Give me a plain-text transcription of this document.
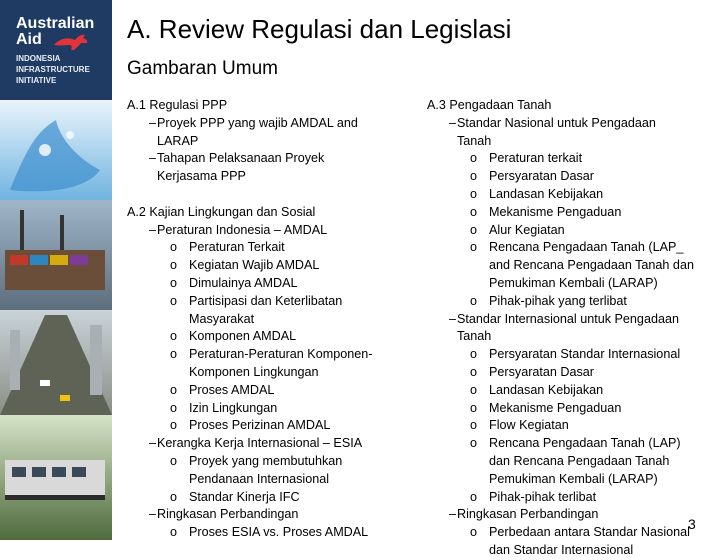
Australian
Aid
INDONESIA
INFRASTRUCTURE
INITIATIVE
A. Review Regulasi dan Legislasi
Gambaran Umum
A.1 Regulasi PPP
– Proyek PPP yang wajib AMDAL and
LARAP
– Tahapan Pelaksanaan Proyek
Kerjasama PPP
A.2 Kajian Lingkungan dan Sosial
– Peraturan Indonesia – AMDAL
o Peraturan Terkait
o Kegiatan Wajib AMDAL
o Dimulainya AMDAL
o Partisipasi dan Keterlibatan
Masyarakat
o Komponen AMDAL
o Peraturan-Peraturan Komponen-
Komponen Lingkungan
o Proses AMDAL
o Izin Lingkungan
o Proses Perizinan AMDAL
– Kerangka Kerja Internasional – ESIA
o Proyek yang membutuhkan
Pendanaan Internasional
o Standar Kinerja IFC
– Ringkasan Perbandingan
o Proses ESIA vs. Proses AMDAL
A.3 Pengadaan Tanah
– Standar Nasional untuk Pengadaan
Tanah
o Peraturan terkait
o Persyaratan Dasar
o Landasan Kebijakan
o Mekanisme Pengaduan
o Alur Kegiatan
o Rencana Pengadaan Tanah (LAP_
and Rencana Pengadaan Tanah dan
Pemukiman Kembali (LARAP)
o Pihak-pihak yang terlibat
– Standar Internasional untuk Pengadaan
Tanah
o Persyaratan Standar Internasional
o Persyaratan Dasar
o Landasan Kebijakan
o Mekanisme Pengaduan
o Flow Kegiatan
o Rencana Pengadaan Tanah (LAP)
dan Rencana Pengadaan Tanah
Pemukiman Kembali (LARAP)
o Pihak-pihak terlibat
– Ringkasan Perbandingan
o Perbedaan antara Standar Nasional
dan Standar Internasional
3
